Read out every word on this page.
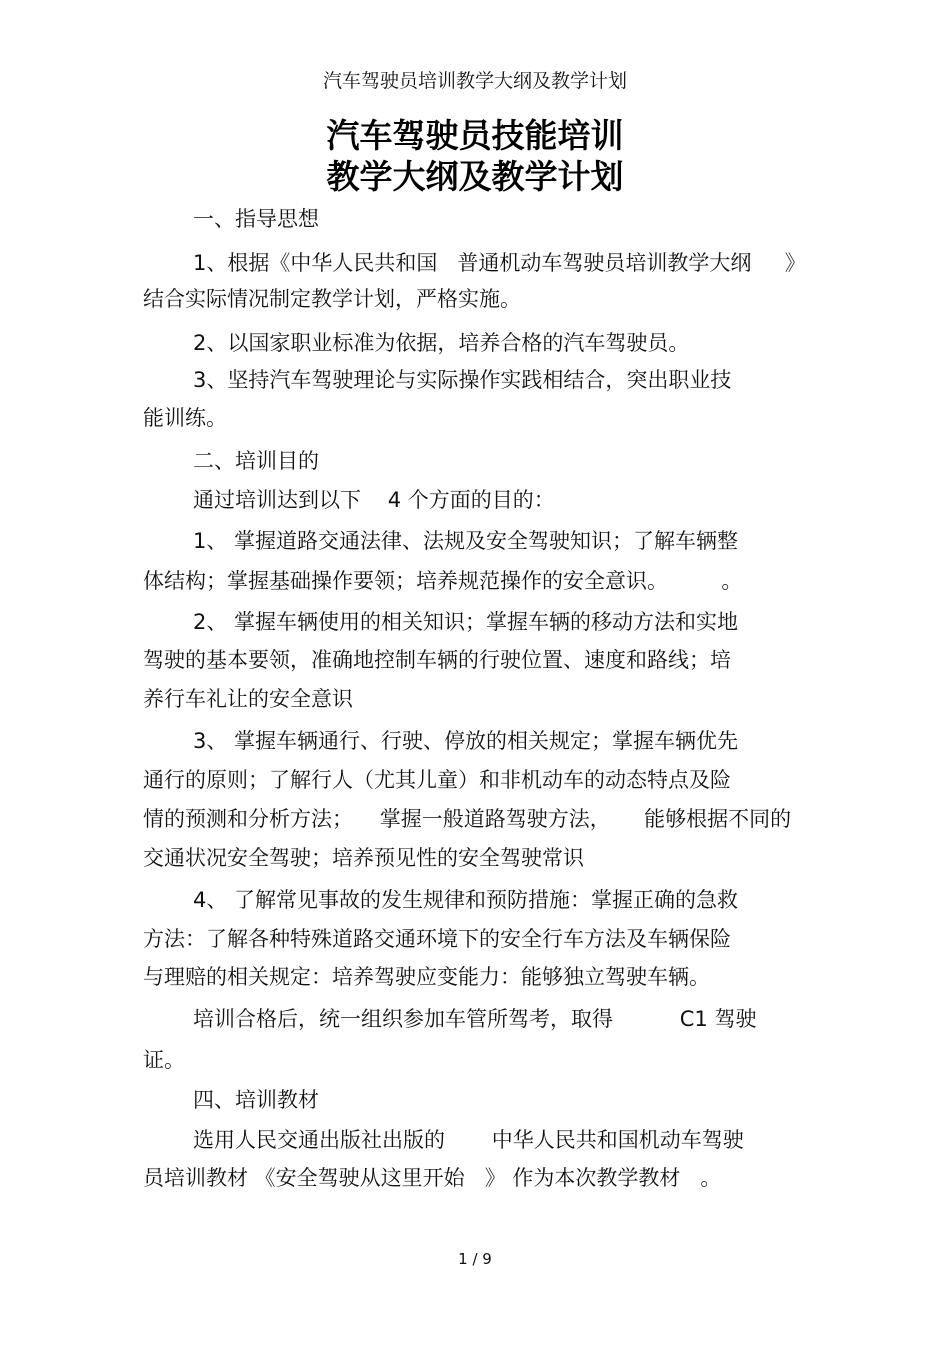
汽车驾驶员培训教学大纲及教学计划

汽车驾驶员技能培训
教学大纲及教学计划

一、指导思想

1、根据《中华人民共和国   普通机动车驾驶员培训教学大纲     》

结合实际情况制定教学计划，严格实施。

2、以国家职业标准为依据，培养合格的汽车驾驶员。

3、坚持汽车驾驶理论与实际操作实践相结合，突出职业技

能训练。

二、培训目的

通过培训达到以下    4 个方面的目的：

1、 掌握道路交通法律、法规及安全驾驶知识；了解车辆整

体结构；掌握基础操作要领；培养规范操作的安全意识。        。

2、 掌握车辆使用的相关知识；掌握车辆的移动方法和实地

驾驶的基本要领，准确地控制车辆的行驶位置、速度和路线；培

养行车礼让的安全意识

3、 掌握车辆通行、行驶、停放的相关规定；掌握车辆优先

通行的原则；了解行人（尤其儿童）和非机动车的动态特点及险

情的预测和分析方法；    掌握一般道路驾驶方法，     能够根据不同的

交通状况安全驾驶；培养预见性的安全驾驶常识

4、 了解常见事故的发生规律和预防措施：掌握正确的急救

方法：了解各种特殊道路交通环境下的安全行车方法及车辆保险

与理赔的相关规定：培养驾驶应变能力：能够独立驾驶车辆。

培训合格后，统一组织参加车管所驾考，取得          C1 驾驶

证。

四、培训教材

选用人民交通出版社出版的       中华人民共和国机动车驾驶

员培训教材 《安全驾驶从这里开始   》 作为本次教学教材   。

1 / 9
